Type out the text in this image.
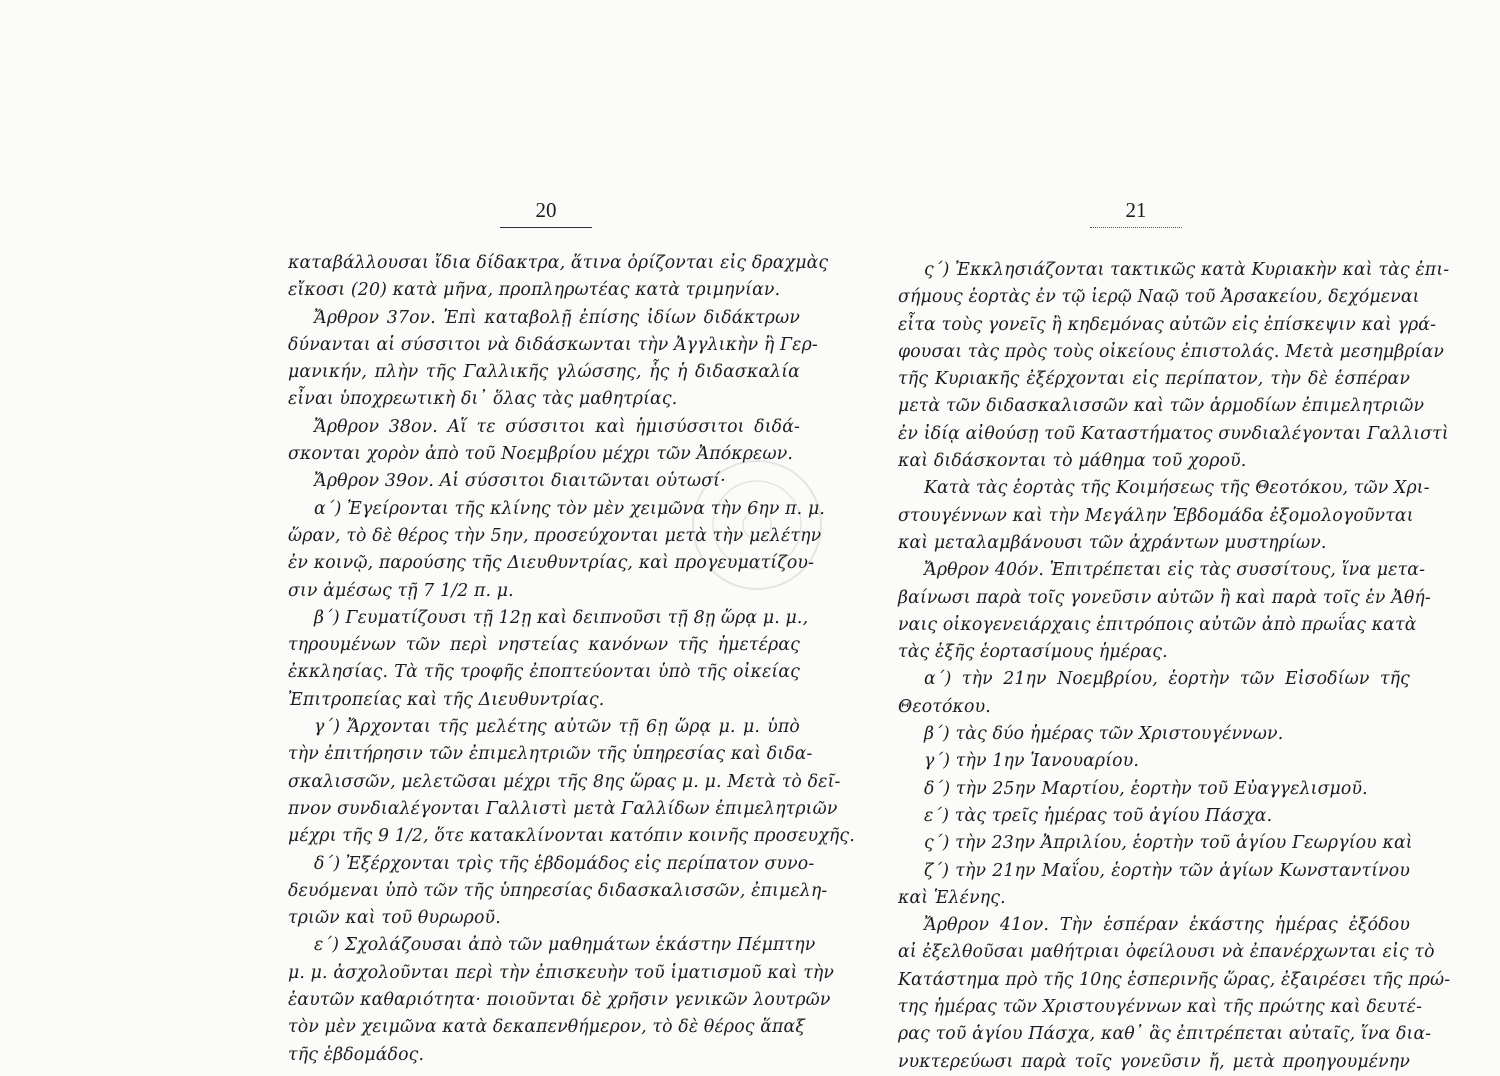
20
καταβάλλουσαι ἴδια δίδακτρα, ἅτινα ὁρίζονται εἰς δραχμὰς
εἴκοσι (20) κατὰ μῆνα, προπληρωτέας κατὰ τριμηνίαν.
Ἄρθρον 37ον. Ἐπὶ καταβολῇ ἐπίσης ἰδίων διδάκτρων
δύνανται αἱ σύσσιτοι νὰ διδάσκωνται τὴν Ἀγγλικὴν ἢ Γερ-
μανικήν, πλὴν τῆς Γαλλικῆς γλώσσης, ἧς ἡ διδασκαλία
εἶναι ὑποχρεωτικὴ δι᾿ ὅλας τὰς μαθητρίας.
Ἄρθρον 38ον. Αἵ τε σύσσιτοι καὶ ἡμισύσσιτοι διδά-
σκονται χορὸν ἀπὸ τοῦ Νοεμβρίου μέχρι τῶν Ἀπόκρεων.
Ἄρθρον 39ον. Αἱ σύσσιτοι διαιτῶνται οὑτωσί·
α΄) Ἐγείρονται τῆς κλίνης τὸν μὲν χειμῶνα τὴν 6ην π. μ.
ὥραν, τὸ δὲ θέρος τὴν 5ην, προσεύχονται μετὰ τὴν μελέτην
ἐν κοινῷ, παρούσης τῆς Διευθυντρίας, καὶ προγευματίζου-
σιν ἀμέσως τῇ 7 1/2 π. μ.
β΄) Γευματίζουσι τῇ 12ῃ καὶ δειπνοῦσι τῇ 8ῃ ὥρᾳ μ. μ.,
τηρουμένων τῶν περὶ νηστείας κανόνων τῆς ἡμετέρας
ἐκκλησίας. Τὰ τῆς τροφῆς ἐποπτεύονται ὑπὸ τῆς οἰκείας
Ἐπιτροπείας καὶ τῆς Διευθυντρίας.
γ΄) Ἄρχονται τῆς μελέτης αὐτῶν τῇ 6ῃ ὥρᾳ μ. μ. ὑπὸ
τὴν ἐπιτήρησιν τῶν ἐπιμελητριῶν τῆς ὑπηρεσίας καὶ διδα-
σκαλισσῶν, μελετῶσαι μέχρι τῆς 8ης ὥρας μ. μ. Μετὰ τὸ δεῖ-
πνον συνδιαλέγονται Γαλλιστὶ μετὰ Γαλλίδων ἐπιμελητριῶν
μέχρι τῆς 9 1/2, ὅτε κατακλίνονται κατόπιν κοινῆς προσευχῆς.
δ΄) Ἐξέρχονται τρὶς τῆς ἑβδομάδος εἰς περίπατον συνο-
δευόμεναι ὑπὸ τῶν τῆς ὑπηρεσίας διδασκαλισσῶν, ἐπιμελη-
τριῶν καὶ τοῦ θυρωροῦ.
ε΄) Σχολάζουσαι ἀπὸ τῶν μαθημάτων ἑκάστην Πέμπτην
μ. μ. ἀσχολοῦνται περὶ τὴν ἐπισκευὴν τοῦ ἱματισμοῦ καὶ τὴν
ἑαυτῶν καθαριότητα· ποιοῦνται δὲ χρῆσιν γενικῶν λουτρῶν
τὸν μὲν χειμῶνα κατὰ δεκαπενθήμερον, τὸ δὲ θέρος ἅπαξ
τῆς ἑβδομάδος.
21
ς΄) Ἐκκλησιάζονται τακτικῶς κατὰ Κυριακὴν καὶ τὰς ἐπι-
σήμους ἑορτὰς ἐν τῷ ἱερῷ Ναῷ τοῦ Ἀρσακείου, δεχόμεναι
εἶτα τοὺς γονεῖς ἢ κηδεμόνας αὐτῶν εἰς ἐπίσκεψιν καὶ γρά-
φουσαι τὰς πρὸς τοὺς οἰκείους ἐπιστολάς. Μετὰ μεσημβρίαν
τῆς Κυριακῆς ἐξέρχονται εἰς περίπατον, τὴν δὲ ἑσπέραν
μετὰ τῶν διδασκαλισσῶν καὶ τῶν ἁρμοδίων ἐπιμελητριῶν
ἐν ἰδίᾳ αἰθούσῃ τοῦ Καταστήματος συνδιαλέγονται Γαλλιστὶ
καὶ διδάσκονται τὸ μάθημα τοῦ χοροῦ.
Κατὰ τὰς ἑορτὰς τῆς Κοιμήσεως τῆς Θεοτόκου, τῶν Χρι-
στουγέννων καὶ τὴν Μεγάλην Ἑβδομάδα ἐξομολογοῦνται
καὶ μεταλαμβάνουσι τῶν ἀχράντων μυστηρίων.
Ἄρθρον 40όν. Ἐπιτρέπεται εἰς τὰς συσσίτους, ἵνα μετα-
βαίνωσι παρὰ τοῖς γονεῦσιν αὐτῶν ἢ καὶ παρὰ τοῖς ἐν Ἀθή-
ναις οἰκογενειάρχαις ἐπιτρόποις αὐτῶν ἀπὸ πρωΐας κατὰ
τὰς ἑξῆς ἑορτασίμους ἡμέρας.
α΄) τὴν 21ην Νοεμβρίου, ἑορτὴν τῶν Εἰσοδίων τῆς
Θεοτόκου.
β΄) τὰς δύο ἡμέρας τῶν Χριστουγέννων.
γ΄) τὴν 1ην Ἰανουαρίου.
δ΄) τὴν 25ην Μαρτίου, ἑορτὴν τοῦ Εὐαγγελισμοῦ.
ε΄) τὰς τρεῖς ἡμέρας τοῦ ἁγίου Πάσχα.
ς΄) τὴν 23ην Ἀπριλίου, ἑορτὴν τοῦ ἁγίου Γεωργίου καὶ
ζ΄) τὴν 21ην Μαΐου, ἑορτὴν τῶν ἁγίων Κωνσταντίνου
καὶ Ἑλένης.
Ἄρθρον 41ον. Τὴν ἑσπέραν ἑκάστης ἡμέρας ἐξόδου
αἱ ἐξελθοῦσαι μαθήτριαι ὀφείλουσι νὰ ἐπανέρχωνται εἰς τὸ
Κατάστημα πρὸ τῆς 10ης ἑσπερινῆς ὥρας, ἐξαιρέσει τῆς πρώ-
της ἡμέρας τῶν Χριστουγέννων καὶ τῆς πρώτης καὶ δευτέ-
ρας τοῦ ἁγίου Πάσχα, καθ᾿ ἃς ἐπιτρέπεται αὐταῖς, ἵνα δια-
νυκτερεύωσι παρὰ τοῖς γονεῦσιν ἤ, μετὰ προηγουμένην
